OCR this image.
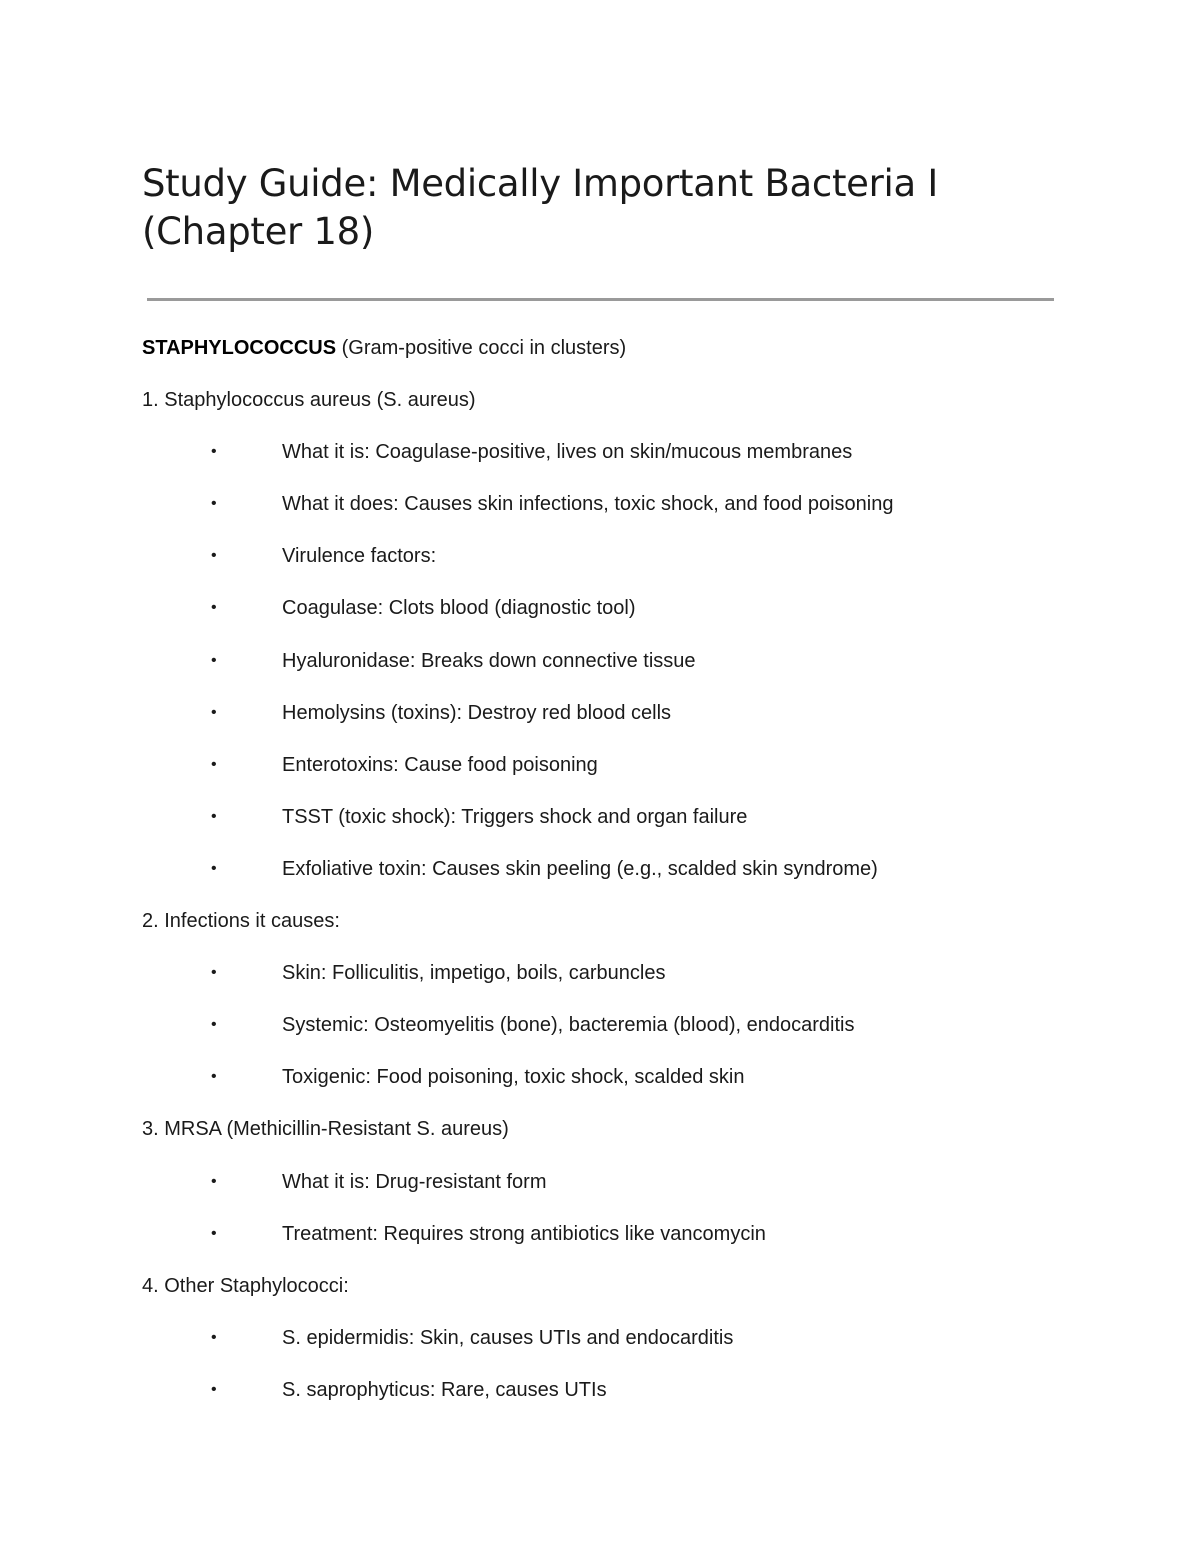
Study Guide: Medically Important Bacteria I (Chapter 18)
STAPHYLOCOCCUS (Gram-positive cocci in clusters)
1. Staphylococcus aureus (S. aureus)
•	What it is: Coagulase-positive, lives on skin/mucous membranes
•	What it does: Causes skin infections, toxic shock, and food poisoning
•	Virulence factors:
•	Coagulase: Clots blood (diagnostic tool)
•	Hyaluronidase: Breaks down connective tissue
•	Hemolysins (toxins): Destroy red blood cells
•	Enterotoxins: Cause food poisoning
•	TSST (toxic shock): Triggers shock and organ failure
•	Exfoliative toxin: Causes skin peeling (e.g., scalded skin syndrome)
2. Infections it causes:
•	Skin: Folliculitis, impetigo, boils, carbuncles
•	Systemic: Osteomyelitis (bone), bacteremia (blood), endocarditis
•	Toxigenic: Food poisoning, toxic shock, scalded skin
3. MRSA (Methicillin-Resistant S. aureus)
•	What it is: Drug-resistant form
•	Treatment: Requires strong antibiotics like vancomycin
4. Other Staphylococci:
•	S. epidermidis: Skin, causes UTIs and endocarditis
•	S. saprophyticus: Rare, causes UTIs
